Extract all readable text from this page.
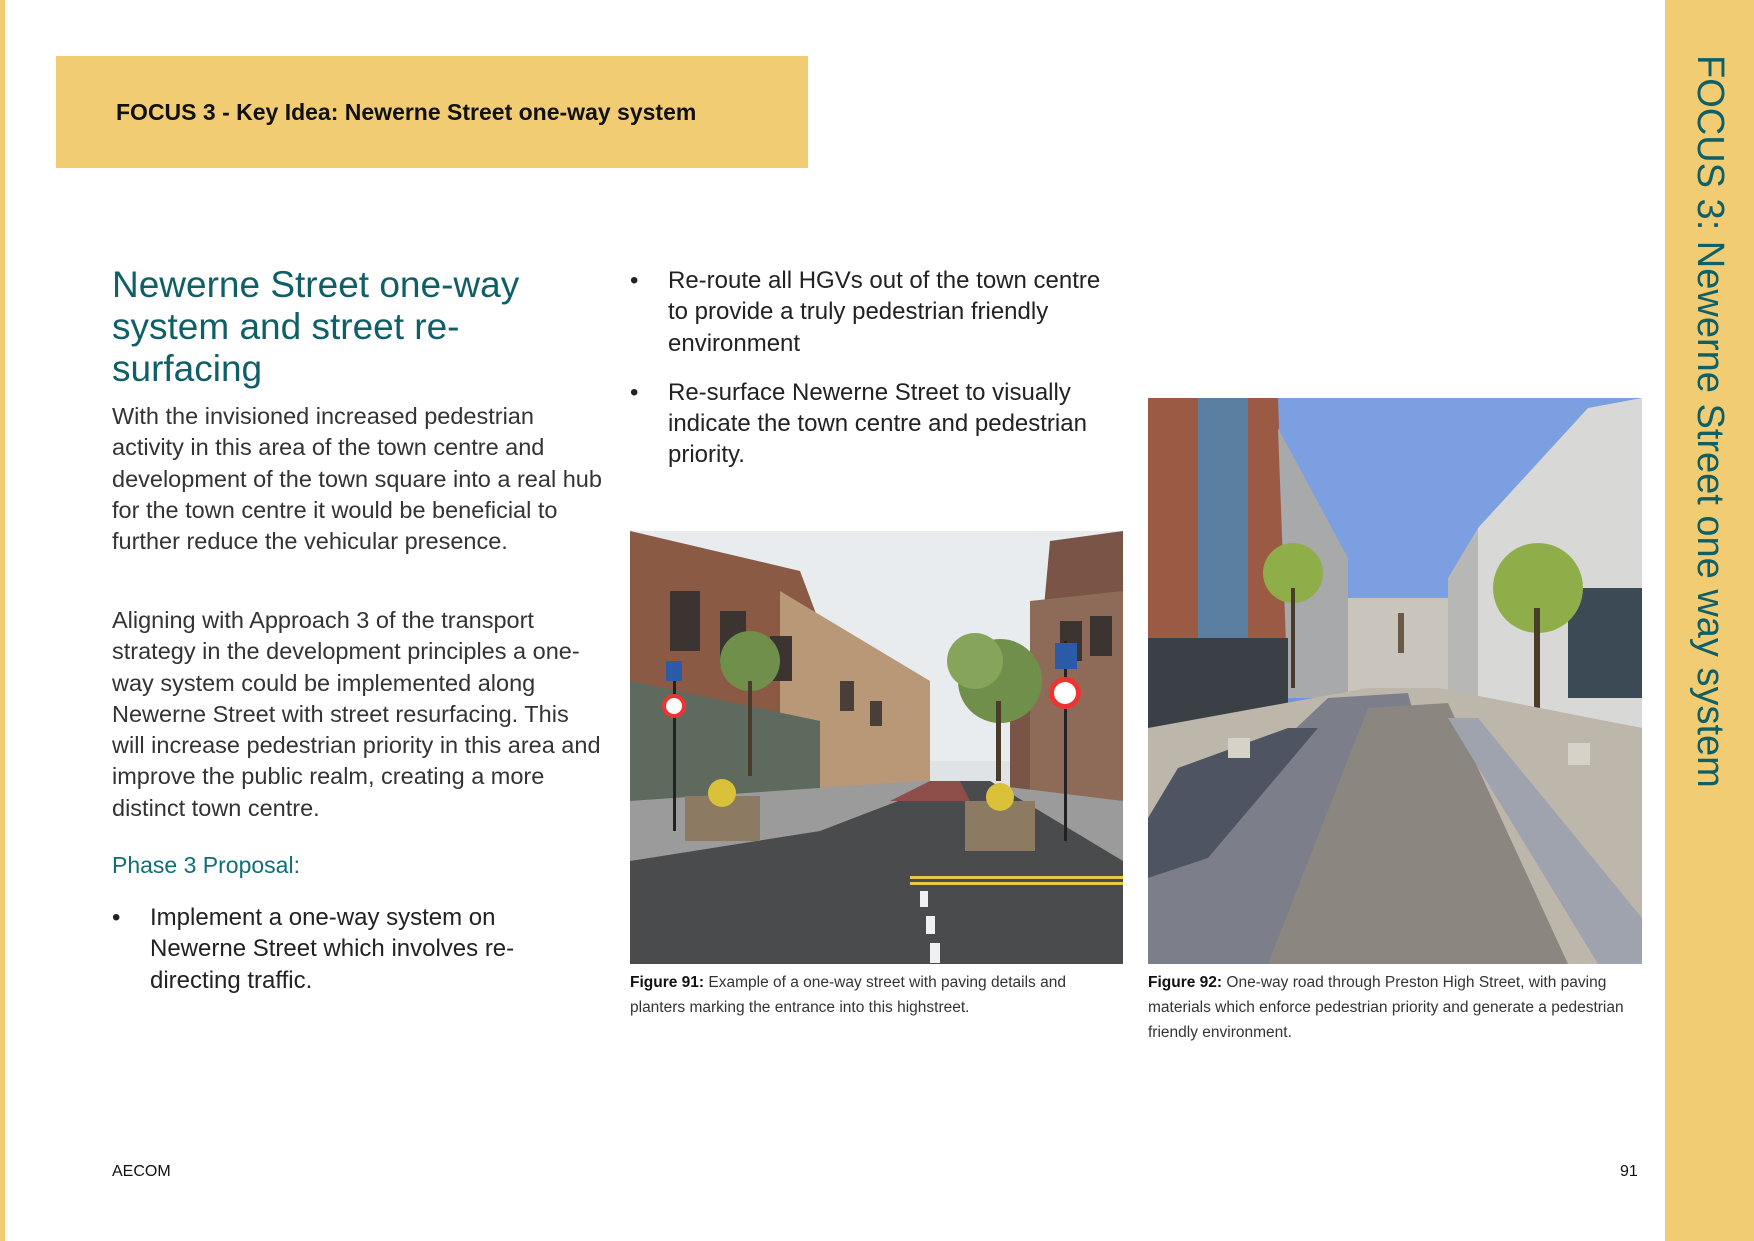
FOCUS 3: Newerne Street one way system
FOCUS 3 - Key Idea: Newerne Street one-way system
Newerne Street one-way system and street re-surfacing

With the invisioned increased pedestrian activity in this area of the town centre and development of the town square into a real hub for the town centre it would be beneficial to further reduce the vehicular presence.

Aligning with Approach 3 of the transport strategy in the development principles a one-way system could be implemented along Newerne Street with street resurfacing. This will increase pedestrian priority in this area and improve the public realm, creating a more distinct town centre.

Phase 3 Proposal:
• Implement a one-way system on Newerne Street which involves re-directing traffic.
• Re-route all HGVs out of the town centre to provide a truly pedestrian friendly environment
• Re-surface Newerne Street to visually indicate the town centre and pedestrian priority.
Figure 91: Example of a one-way street with paving details and planters marking the entrance into this highstreet.
Figure 92: One-way road through Preston High Street, with paving materials which enforce pedestrian priority and generate a pedestrian friendly environment.
AECOM	91
